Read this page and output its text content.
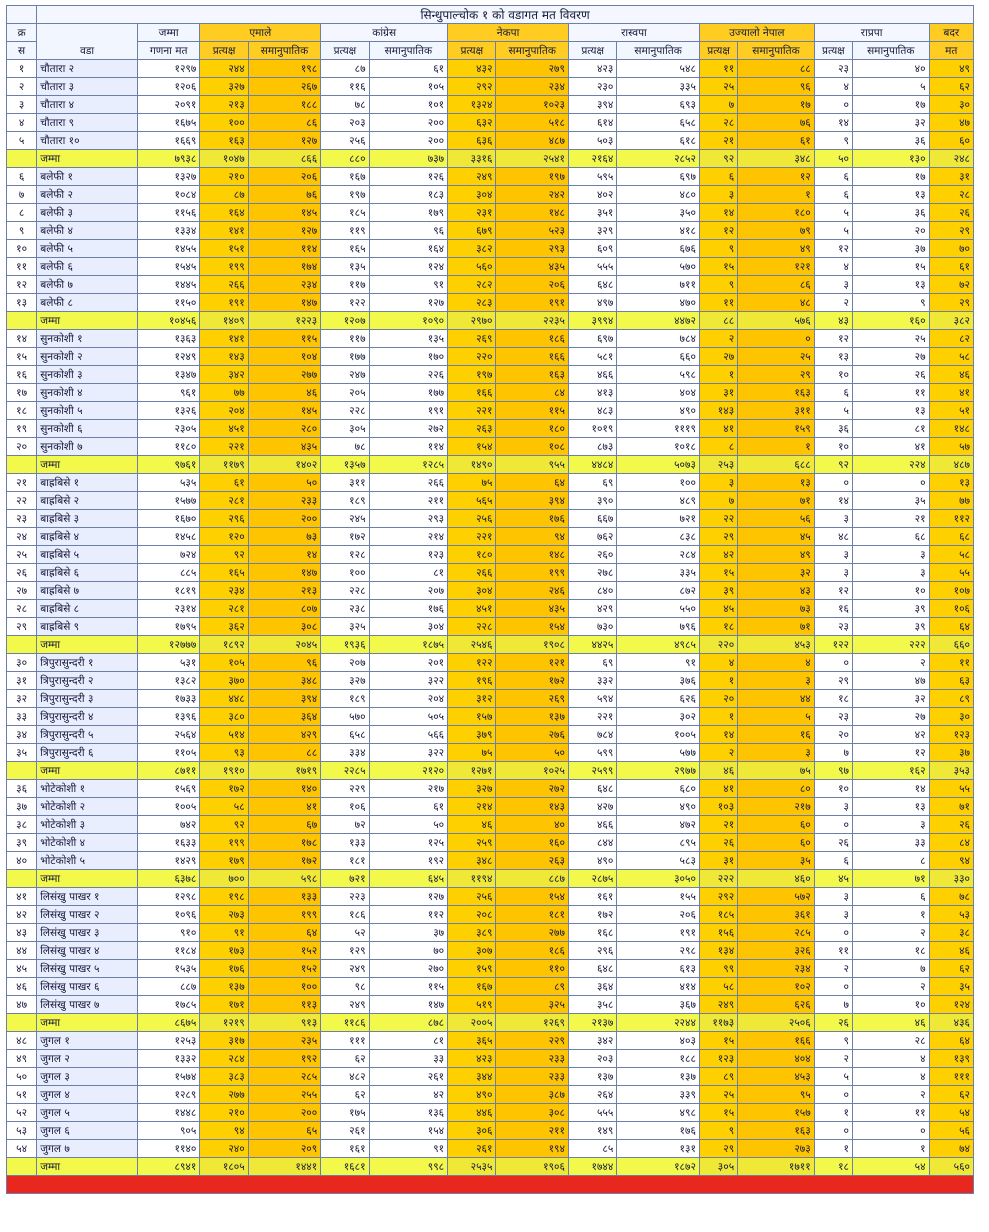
	सिन्धुपाल्चोक १ को वडागत मत विवरण														
क्र	वडा	जम्मा	एमाले		कांग्रेस		नेकपा		रास्वपा		उज्यालो नेपाल		राप्रपा		बदर
स		गणना मत	प्रत्यक्ष	समानुपातिक	प्रत्यक्ष	समानुपातिक	प्रत्यक्ष	समानुपातिक	प्रत्यक्ष	समानुपातिक	प्रत्यक्ष	समानुपातिक	प्रत्यक्ष	समानुपातिक	मत
१	चौतारा २	१२९७	२४४	१९८	८७	६१	४३२	२७९	४२३	५४८	११	८८	२३	४०	४९
२	चौतारा ३	१२०६	३२७	२६७	११६	१०५	२९२	२३४	२३०	३३५	२५	९६	४	५	६२
३	चौतारा ४	२०९१	२१३	१८८	७८	१०१	१३२४	१०२३	३९४	६९३	७	१७	०	१७	३०
४	चौतारा ९	१६७५	१००	८६	२०३	२००	६३२	५१८	६१४	६५८	२८	७६	१४	३२	४७
५	चौतारा १०	१६६९	१६३	१२७	२५६	२००	६३६	४८७	५०३	६१८	२१	६१	९	३६	६०
	जम्मा	७९३८	१०४७	८६६	८८०	७३७	३३१६	२५४१	२१६४	२८५२	९२	३४८	५०	१३०	२४८
६	बलेफी १	१३२७	२१०	२०६	१६७	१२६	२४९	१९७	५९५	६९७	६	१२	६	१७	३१
७	बलेफी २	१०८४	८७	७६	१९७	१८३	३०४	२४२	४०२	४८०	३	१	६	१३	२८
८	बलेफी ३	११५६	१६४	१४५	१८५	१७९	२३१	१४८	३५१	३५०	१४	१८०	५	३६	२६
९	बलेफी ४	१३३४	१४१	१२७	११९	९६	६७९	५२३	३२९	४१८	१२	७९	५	२०	२९
१०	बलेफी ५	१४५५	१५१	११४	१६५	१६४	३८२	२९३	६०९	६७६	९	४९	१२	३७	७०
११	बलेफी ६	१५४५	१९९	१७४	१३५	१२४	५६०	४३५	५५५	५७०	१५	१२१	४	१५	६१
१२	बलेफी ७	१४४५	२६६	२३४	११७	९१	२८२	२०६	६४८	७११	९	८६	३	१३	७२
१३	बलेफी ८	११५०	१९१	१४७	१२२	१२७	२८३	१९१	४९७	४७०	११	४८	२	९	२९
	जम्मा	१०४५६	१४०९	१२२३	१२०७	१०९०	२९७०	२२३५	३९९४	४४७२	८८	५७६	४३	१६०	३८२
१४	सुनकोशी १	१३६३	१४१	११५	११७	१३५	२६९	१८६	६९७	७८४	२	०	१२	२५	८२
१५	सुनकोशी २	१२४९	१४३	१०४	१७७	१७०	२२०	१६६	५८१	६६०	२७	२५	१३	२७	५८
१६	सुनकोशी ३	१३४७	३४२	२७७	२४७	२२६	१९७	१६३	४६६	५९८	१	२९	१०	२६	४६
१७	सुनकोशी ४	९६१	७७	४६	२०५	१७७	१६६	८४	४१३	४०४	३१	१६३	६	११	४१
१८	सुनकोशी ५	१३२६	२०४	१४५	२२८	१९१	२२१	११५	४८३	४९०	१४३	३११	५	१३	५१
१९	सुनकोशी ६	२३०५	४५१	२८०	३०५	२७२	२६३	१८०	१०१९	१११९	४१	१५९	३६	८१	१४८
२०	सुनकोशी ७	११८०	२२१	४३५	७८	११४	१५४	१०८	८७३	१०१८	८	१	१०	४१	५७
	जम्मा	९७६१	११७९	१४०२	१३५७	१२८५	१४९०	९५५	४४८४	५०७३	२५३	६८८	९२	२२४	४८७
२१	बाह्रबिसे १	५३५	६१	५०	३११	२६६	७५	६४	६९	१००	३	१३	०	०	१३
२२	बाह्रबिसे २	१५७७	२८१	२३३	१८९	२११	५६५	३९४	३९०	४८९	७	७१	१४	३५	७७
२३	बाह्रबिसे ३	१६७०	२९६	२००	२४५	२९३	२५६	१७६	६६७	७२१	२२	५६	३	२१	११२
२४	बाह्रबिसे ४	१४५८	१२०	७३	१७२	२१४	२२१	९४	७६२	८३८	२९	४५	४८	६८	६८
२५	बाह्रबिसे ५	७२४	९२	१४	१२८	१२३	१८०	१४८	२६०	२८४	४२	४९	३	३	५८
२६	बाह्रबिसे ६	८८५	१६५	१४७	१००	८१	२६६	१९९	२७८	३३५	१५	३२	३	३	५५
२७	बाह्रबिसे ७	१८१९	२३४	२१३	२२८	२०७	३०४	२४६	८४०	८७२	३९	४३	१२	१०	१०७
२८	बाह्रबिसे ८	२३१४	२८१	८०७	२३८	१७६	४५१	४३५	४२९	५५०	४५	७३	१६	३९	१०६
२९	बाह्रबिसे ९	१७९५	३६२	३०८	३२५	३०४	२२८	१५४	७३०	७९६	१८	७१	२३	३९	६४
	जम्मा	१२७७७	१८९२	२०४५	१९३६	१८७५	२५४६	१९०८	४४२५	४९८५	२२०	४५३	१२२	२२२	६६०
३०	त्रिपुरासुन्दरी १	५३१	१०५	९६	२०७	२०१	१२२	१२१	६९	९१	४	४	०	२	११
३१	त्रिपुरासुन्दरी २	१३८२	३७०	३४८	३२७	३२२	१९६	१७२	३३२	३७६	१	३	२९	४७	६३
३२	त्रिपुरासुन्दरी ३	१७३३	४४८	३९४	१८९	२०४	३१२	२६९	५९४	६२६	२०	४४	१८	३२	८९
३३	त्रिपुरासुन्दरी ४	१३९६	३८०	३६४	५७०	५०५	१५७	१३७	२२१	३०२	१	५	२३	२७	३०
३४	त्रिपुरासुन्दरी ५	२५६४	५१४	४२९	६५८	५६६	३७९	२७६	७८४	१००५	१४	१६	२०	४२	१२३
३५	त्रिपुरासुन्दरी ६	११०५	९३	८८	३३४	३२२	७५	५०	५९९	५७७	२	३	७	१२	३७
	जम्मा	८७११	१९१०	१७१९	२२८५	२१२०	१२७१	१०२५	२५९९	२९७७	४६	७५	९७	१६२	३५३
३६	भोटेकोशी १	१५६९	१७२	१४०	२२९	२१७	३२७	२७२	६४८	६८०	४१	८०	१०	१४	५५
३७	भोटेकोशी २	१००५	५८	४१	१०६	६१	२१४	१४३	४२७	४९०	१०३	२१७	३	१३	७१
३८	भोटेकोशी ३	७४२	९२	६७	७२	५०	४६	४०	४६६	४७२	२१	६०	०	३	२६
३९	भोटेकोशी ४	१६३३	१९९	१७८	१३३	१२५	२५९	१६०	८४४	८९५	२६	६०	२६	३३	८४
४०	भोटेकोशी ५	१४२९	१७९	१७२	१८१	१९२	३४८	२६३	४९०	५८३	३१	३५	६	८	९४
	जम्मा	६३७८	७००	५९८	७२१	६४५	११९४	८८७	२८७५	३०५०	२२२	४६०	४५	७१	३३०
४१	लिसंखु पाखर १	१२९८	१९८	१३३	२२३	१२७	२५६	१५४	१६१	१५५	२९२	५७२	३	६	७८
४२	लिसंखु पाखर २	१०९६	२७३	१९९	१८६	११२	२०८	१८१	१७२	२०६	१८५	३६१	३	१	५३
४३	लिसंखु पाखर ३	९१०	९१	६४	५२	३७	३८९	२७७	१६८	१९१	१५६	२८५	०	२	३८
४४	लिसंखु पाखर ४	११८४	१७३	१५२	१२९	७०	३०७	१८६	२९६	२९८	१३४	३२६	११	१८	४६
४५	लिसंखु पाखर ५	१५३५	१७६	१५२	२४९	२७०	१५९	११०	६४८	६१३	९९	२३४	२	७	६२
४६	लिसंखु पाखर ६	८८७	१३७	१००	९८	११५	१६७	८९	३६४	४१४	५८	१०२	०	२	३५
४७	लिसंखु पाखर ७	१७८५	१७१	११३	२४९	१४७	५१९	३२५	३५८	३६७	२४९	६२६	७	१०	१२४
	जम्मा	८६७५	१२१९	९१३	११८६	८७८	२००५	१२६९	२१३७	२२४४	११७३	२५०६	२६	४६	४३६
४८	जुगल १	१२५३	३१७	२३५	१११	८१	३६५	२२९	३४२	४०३	१५	१६६	९	२८	६४
४९	जुगल २	१३३२	२८४	१९२	६२	३३	४२३	२३३	२०३	१८८	१२३	४०४	२	४	१३९
५०	जुगल ३	१५७४	३८३	२८५	४८२	२६१	३४४	२३३	१३७	१३७	८९	४५३	५	४	१११
५१	जुगल ४	१२८९	२७७	२५५	६२	४२	४९०	३८७	२६४	३३९	२५	९५	०	२	६२
५२	जुगल ५	१४४८	२१०	२००	१७५	१३६	४४६	३०८	५५५	४९८	१५	१५७	१	११	५४
५३	जुगल ६	९०५	९४	६५	२६१	१५४	३०६	२११	१४९	१७६	९	१६३	०	०	५६
५४	जुगल ७	११४०	२४०	२०९	१६१	९१	२६१	१९४	८५	१३१	२९	२७३	१	१	७४
	जम्मा	८९४१	१८०५	१४४१	१६८१	९९८	२५३५	१९०६	१७४४	१८७२	३०५	१७११	१८	५४	५६०
